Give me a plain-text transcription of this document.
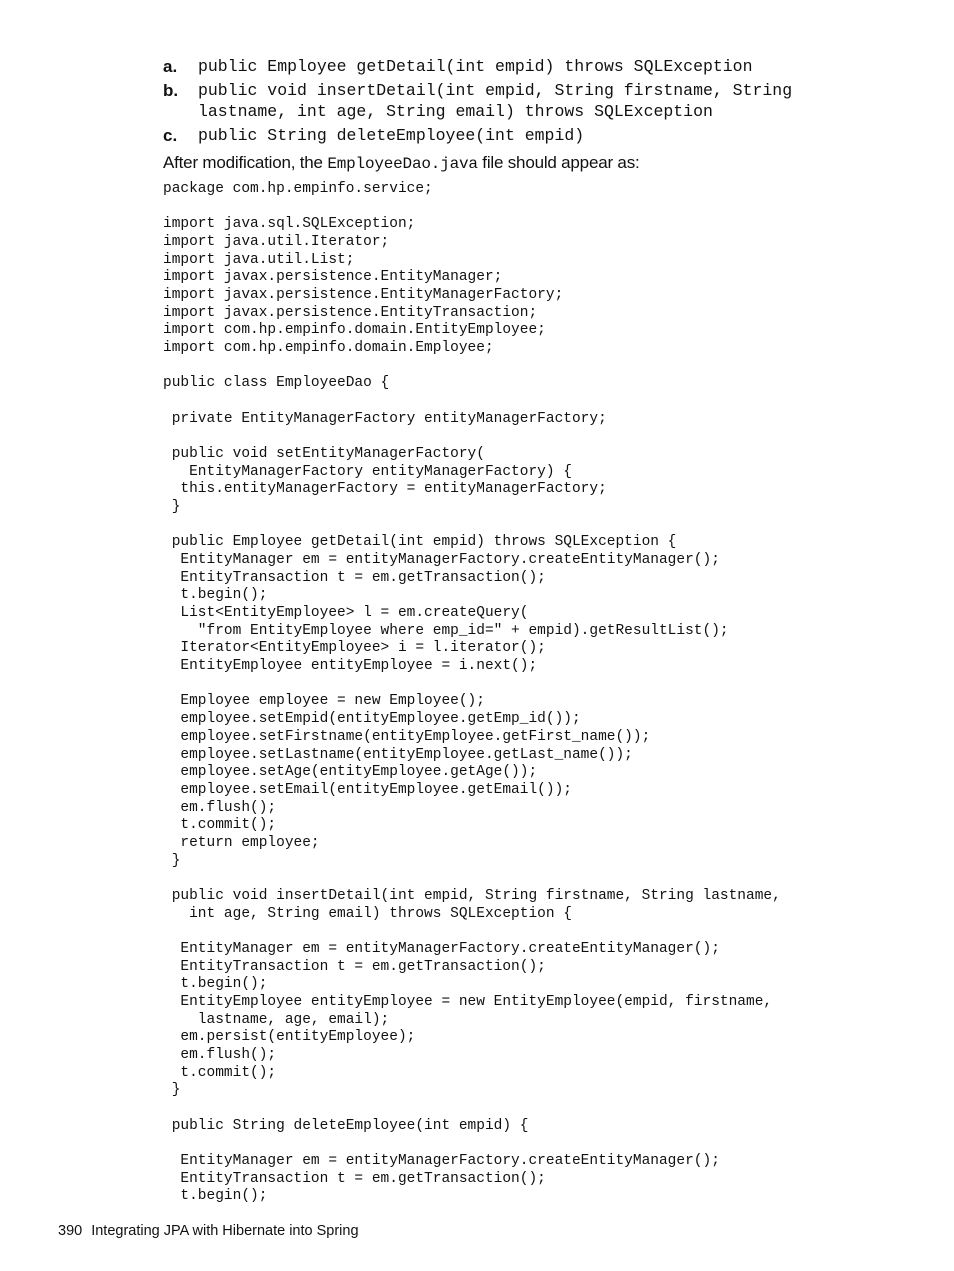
a.	public Employee getDetail(int empid) throws SQLException
b.	public void insertDetail(int empid, String firstname, String
lastname, int age, String email) throws SQLException
c.	public String deleteEmployee(int empid)
After modification, the EmployeeDao.java file should appear as:
package com.hp.empinfo.service;

import java.sql.SQLException;
import java.util.Iterator;
import java.util.List;
import javax.persistence.EntityManager;
import javax.persistence.EntityManagerFactory;
import javax.persistence.EntityTransaction;
import com.hp.empinfo.domain.EntityEmployee;
import com.hp.empinfo.domain.Employee;

public class EmployeeDao {

private EntityManagerFactory entityManagerFactory;

public void setEntityManagerFactory(
EntityManagerFactory entityManagerFactory) {
this.entityManagerFactory = entityManagerFactory;
}

public Employee getDetail(int empid) throws SQLException {
EntityManager em = entityManagerFactory.createEntityManager();
EntityTransaction t = em.getTransaction();
t.begin();
List<EntityEmployee> l = em.createQuery(
"from EntityEmployee where emp_id=" + empid).getResultList();
Iterator<EntityEmployee> i = l.iterator();
EntityEmployee entityEmployee = i.next();

Employee employee = new Employee();
employee.setEmpid(entityEmployee.getEmp_id());
employee.setFirstname(entityEmployee.getFirst_name());
employee.setLastname(entityEmployee.getLast_name());
employee.setAge(entityEmployee.getAge());
employee.setEmail(entityEmployee.getEmail());
em.flush();
t.commit();
return employee;
}

public void insertDetail(int empid, String firstname, String lastname,
int age, String email) throws SQLException {

EntityManager em = entityManagerFactory.createEntityManager();
EntityTransaction t = em.getTransaction();
t.begin();
EntityEmployee entityEmployee = new EntityEmployee(empid, firstname,
lastname, age, email);
em.persist(entityEmployee);
em.flush();
t.commit();
}

public String deleteEmployee(int empid) {

EntityManager em = entityManagerFactory.createEntityManager();
EntityTransaction t = em.getTransaction();
t.begin();
390 Integrating JPA with Hibernate into Spring
